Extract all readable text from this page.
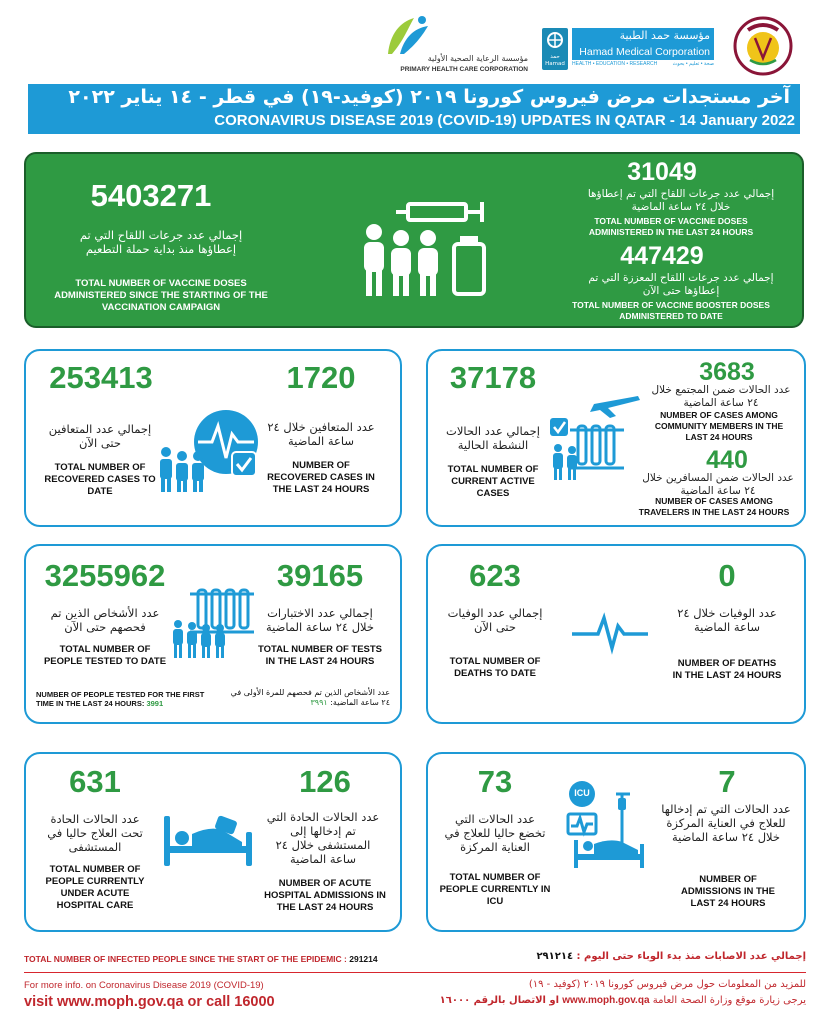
مؤسسة الرعاية الصحية الأولية
PRIMARY HEALTH CARE CORPORATION
حمد Hamad
مؤسسة حمد الطبية
Hamad Medical Corporation
صحة • تعليم • بحوث
HEALTH • EDUCATION • RESEARCH
آخر مستجدات مرض فيروس كورونا ٢٠١٩ (كوفيد-١٩) في قطر - ١٤ يناير ٢٠٢٢
CORONAVIRUS DISEASE 2019 (COVID-19) UPDATES IN QATAR - 14 January 2022
5403271
إجمالي عدد جرعات اللقاح التي تم إعطاؤها منذ بداية حملة التطعيم
TOTAL NUMBER OF VACCINE DOSES ADMINISTERED SINCE THE STARTING OF THE VACCINATION CAMPAIGN
31049
إجمالي عدد جرعات اللقاح التي تم إعطاؤها خلال ٢٤ ساعة الماضية
TOTAL NUMBER OF VACCINE DOSES ADMINISTERED IN THE LAST 24 HOURS
447429
إجمالي عدد جرعات اللقاح المعززة التي تم إعطاؤها حتى الآن
TOTAL NUMBER OF VACCINE BOOSTER DOSES ADMINISTERED TO DATE
253413
إجمالي عدد المتعافين حتى الآن
TOTAL NUMBER OF RECOVERED CASES TO DATE
1720
عدد المتعافين خلال ٢٤ ساعة الماضية
NUMBER OF RECOVERED CASES IN THE LAST 24 HOURS
37178
إجمالي عدد الحالات النشطة الحالية
TOTAL NUMBER OF CURRENT ACTIVE CASES
3683
عدد الحالات ضمن المجتمع خلال ٢٤ ساعة الماضية
NUMBER OF CASES AMONG COMMUNITY MEMBERS IN THE LAST 24 HOURS
440
عدد الحالات ضمن المسافرين خلال ٢٤ ساعة الماضية
NUMBER OF CASES AMONG TRAVELERS IN THE LAST 24 HOURS
3255962
عدد الأشخاص الذين تم فحصهم حتى الآن
TOTAL NUMBER OF PEOPLE TESTED TO DATE
39165
إجمالي عدد الاختبارات خلال ٢٤ ساعة الماضية
TOTAL NUMBER OF TESTS IN THE LAST 24 HOURS
NUMBER OF PEOPLE TESTED FOR THE FIRST TIME IN THE LAST 24 HOURS: 3991
عدد الأشخاص الذين تم فحصهم للمرة الأولى في ٢٤ ساعة الماضية: ٣٩٩١
623
إجمالي عدد الوفيات حتى الآن
TOTAL NUMBER OF DEATHS TO DATE
0
عدد الوفيات خلال ٢٤ ساعة الماضية
NUMBER OF DEATHS IN THE LAST 24 HOURS
631
عدد الحالات الحادة تحت العلاج حاليا في المستشفى
TOTAL NUMBER OF PEOPLE CURRENTLY UNDER ACUTE HOSPITAL CARE
126
عدد الحالات الحادة التي تم إدخالها إلى المستشفى خلال ٢٤ ساعة الماضية
NUMBER OF ACUTE HOSPITAL ADMISSIONS IN THE LAST 24 HOURS
73
عدد الحالات التي تخضع حاليا للعلاج في العناية المركزة
TOTAL NUMBER OF PEOPLE CURRENTLY IN ICU
7
عدد الحالات التي تم إدخالها للعلاج في العناية المركزة خلال ٢٤ ساعة الماضية
NUMBER OF ADMISSIONS IN THE LAST 24 HOURS
ICU
TOTAL NUMBER OF INFECTED PEOPLE SINCE THE START OF THE EPIDEMIC : 291214	إجمالي عدد الاصابات منذ بدء الوباء حتى اليوم : ٢٩١٢١٤
For more info. on Coronavirus Disease 2019 (COVID-19)
visit www.moph.gov.qa or call 16000
للمزيد من المعلومات حول مرض فيروس كورونا ٢٠١٩ (كوفيد - ١٩)
يرجى زيارة موقع وزارة الصحة العامة www.moph.gov.qa او الاتصال بالرقم ١٦٠٠٠
